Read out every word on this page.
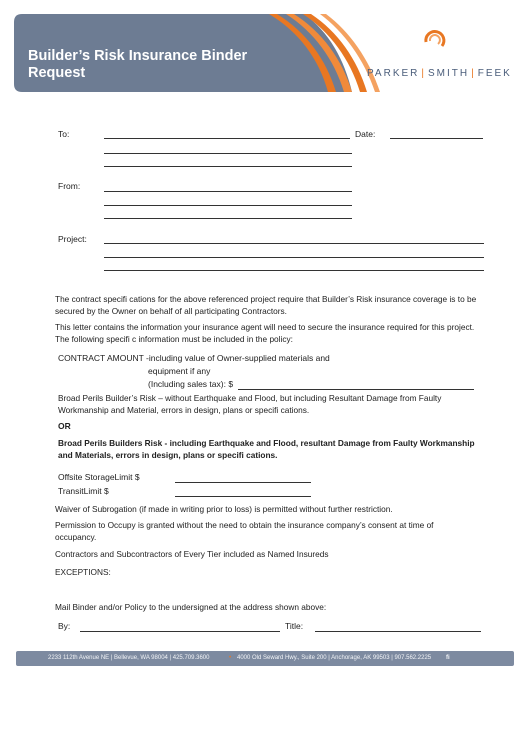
Builder’s Risk Insurance Binder
Request	PARKER | SMITH | FEEK
To:	Date:
From:
Project:
The contract specifi cations for the above referenced project require that Builder’s Risk insurance coverage is to be secured by the Owner on behalf of all participating Contractors.
This letter contains the information your insurance agent will need to secure the insurance required for this project. The following specifi c information must be included in the policy:
CONTRACT AMOUNT -including value of Owner-supplied materials and
equipment if any
(Including sales tax): $
Broad Perils Builder’s Risk – without Earthquake and Flood, but including Resultant Damage from Faulty Workmanship and Material, errors in design, plans or specifi cations.
OR
Broad Perils Builders Risk - including Earthquake and Flood, resultant Damage from Faulty Workmanship and Materials, errors in design, plans or specifi cations.
Offsite StorageLimit $
TransitLimit $
Waiver of Subrogation (if made in writing prior to loss) is permitted without further restriction.
Permission to Occupy is granted without the need to obtain the insurance company’s consent at time of occupancy.
Contractors and Subcontractors of Every Tier included as Named Insureds
EXCEPTIONS:
Mail Binder and/or Policy to the undersigned at the address shown above:
By:	Title:
2233 112th Avenue NE | Bellevue, WA 98004 | 425.709.3600	• 4000 Old Seward Hwy., Suite 200 | Anchorage, AK 99503 | 907.562.2225 fi
